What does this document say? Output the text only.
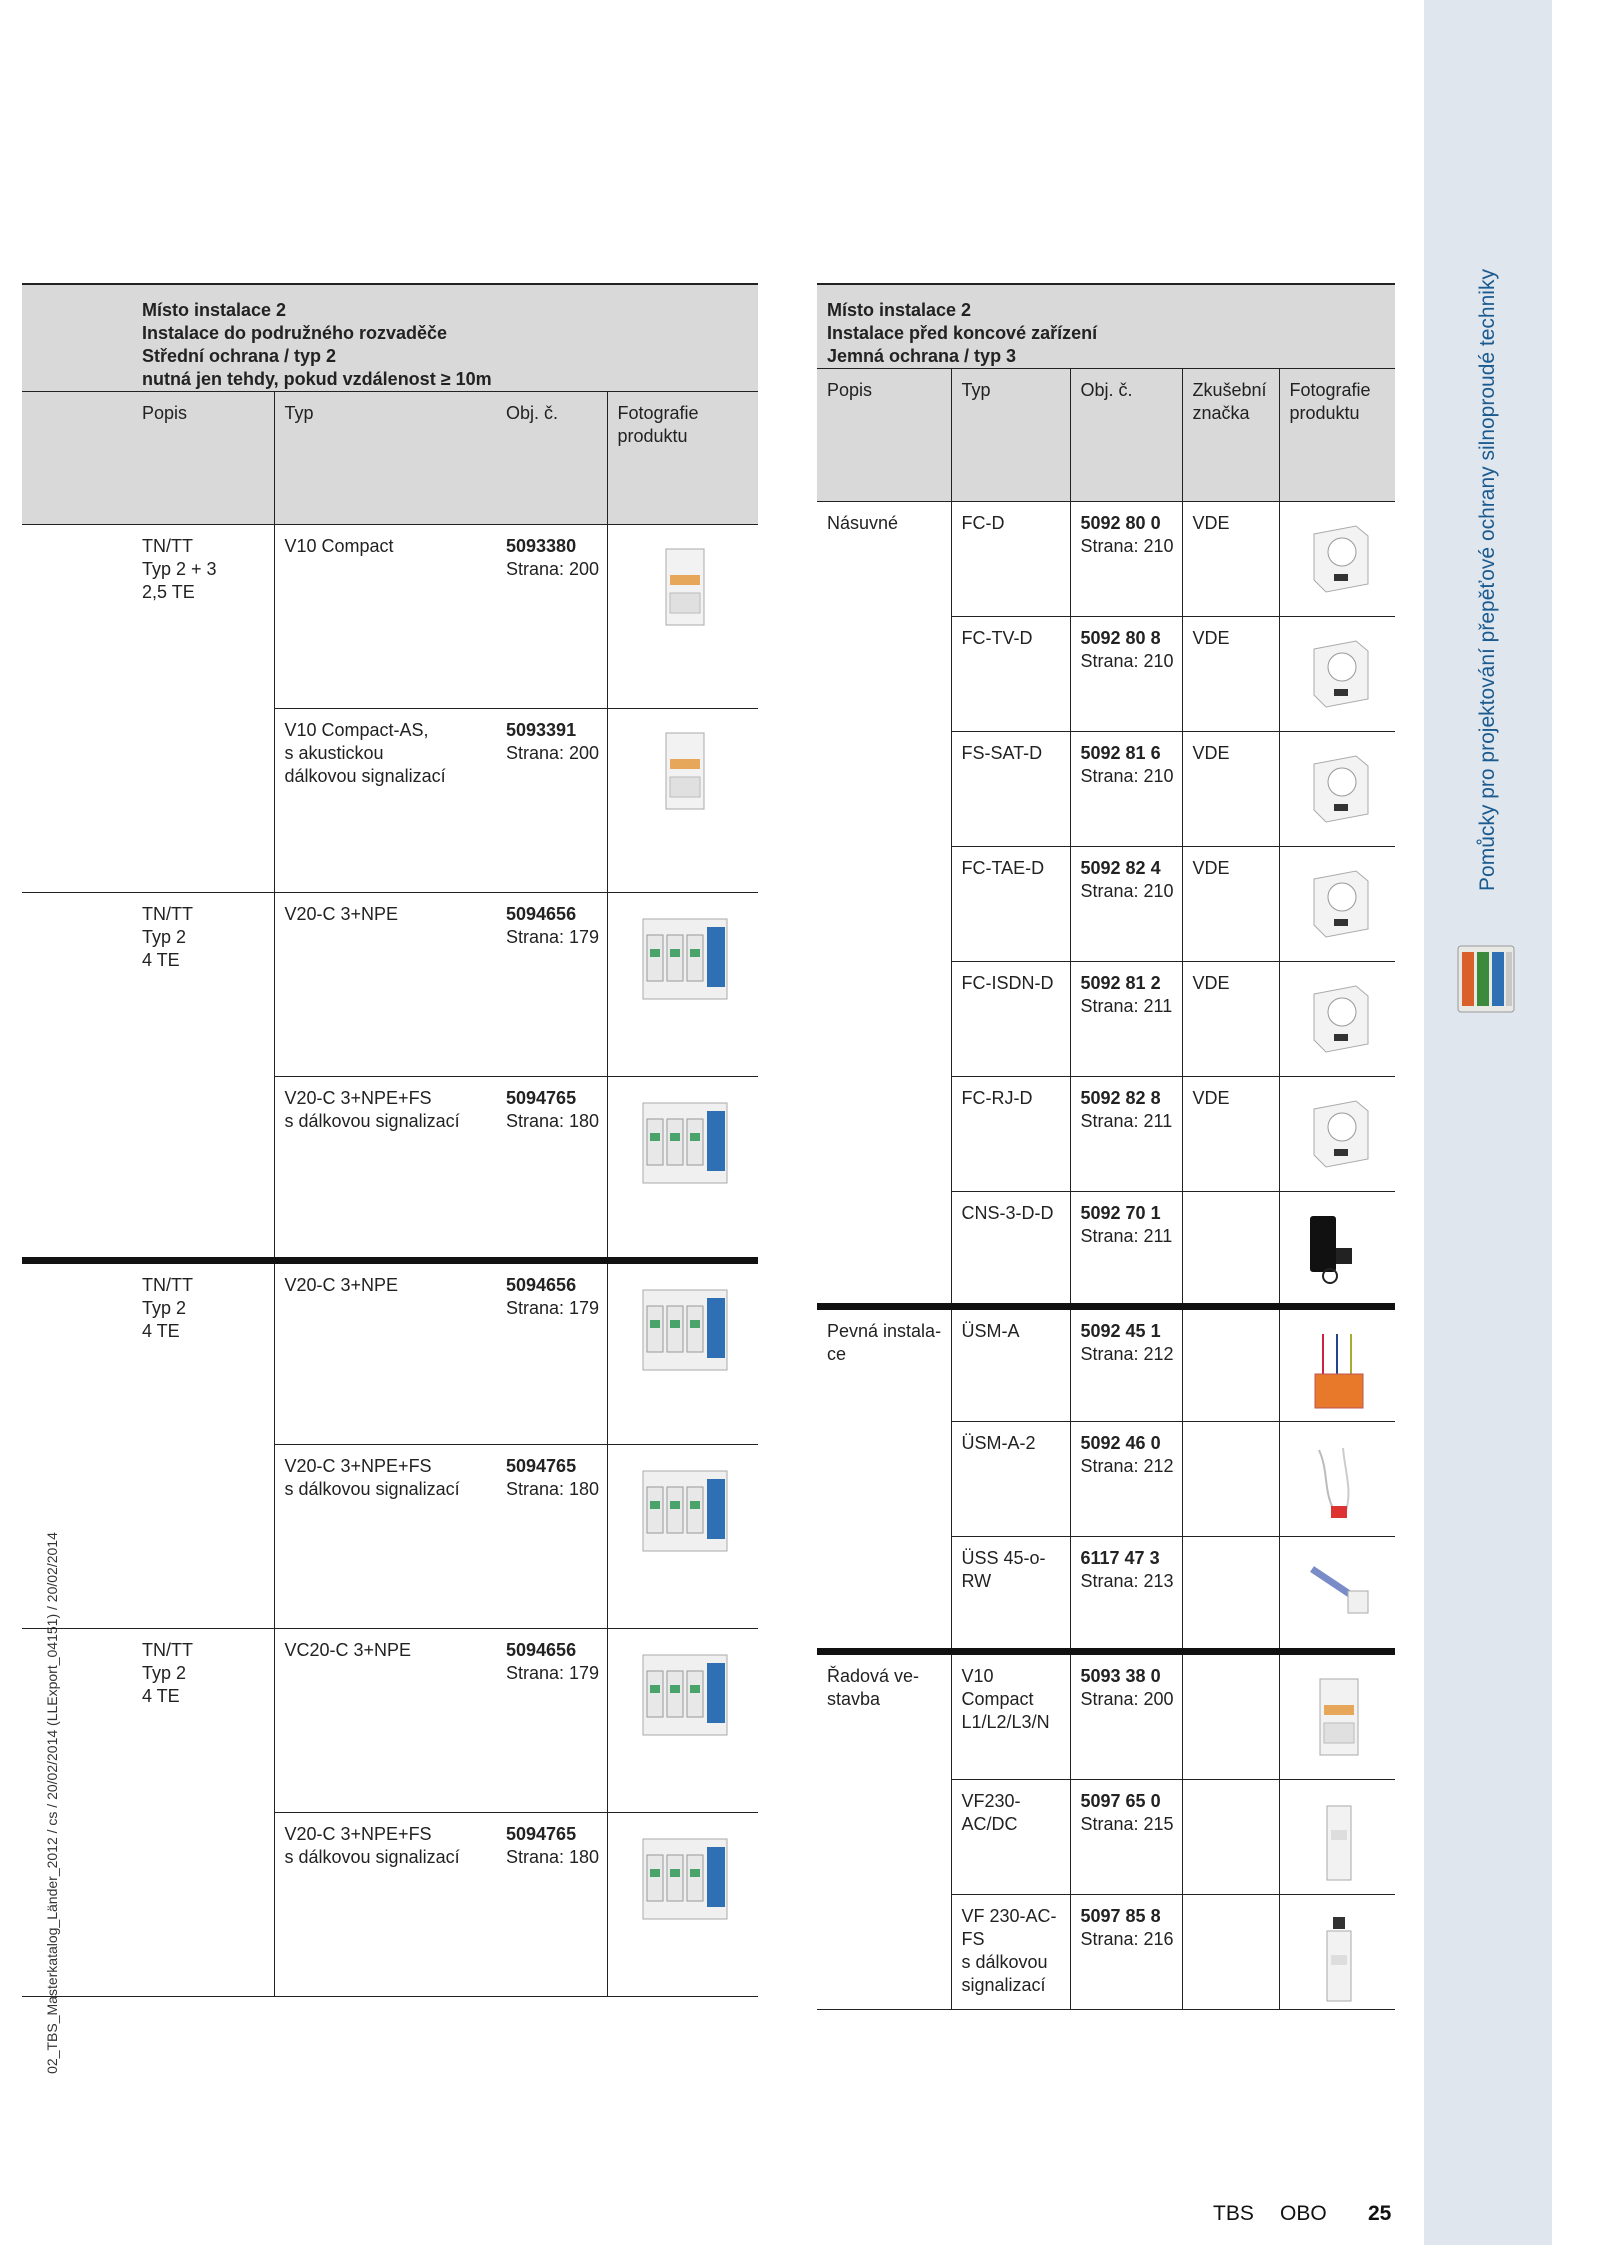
Pomůcky pro projektování přepěťové ochrany silnoproudé techniky
02_TBS_Masterkatalog_Länder_2012 / cs / 20/02/2014 (LLExport_04151) / 20/02/2014

	Místo instalace 2
Instalace do podružného rozvaděče
Střední ochrana / typ 2
nutná jen tehdy, pokud vzdálenost ≥ 10m			

	Popis	Typ	Obj. č.	Fotografie produktu

	TN/TT
Typ 2 + 3
2,5 TE	V10 Compact	5093380
Strana: 200

		V10 Compact-AS,
s akustickou
dálkovou signalizací	5093391
Strana: 200

	TN/TT
Typ 2
4 TE	V20-C 3+NPE	5094656
Strana: 179

		V20-C 3+NPE+FS
s dálkovou signalizací	5094765
Strana: 180

	TN/TT
Typ 2
4 TE	V20-C 3+NPE	5094656
Strana: 179

		V20-C 3+NPE+FS
s dálkovou signalizací	5094765
Strana: 180

	TN/TT
Typ 2
4 TE	VC20-C 3+NPE	5094656
Strana: 179

		V20-C 3+NPE+FS
s dálkovou signalizací	5094765
Strana: 180

Místo instalace 2
Instalace před koncové zařízení
Jemná ochrana / typ 3				

Popis	Typ	Obj. č.	Zkušební značka	Fotografie produktu

Násuvné	FC-D	5092 80 0
Strana: 210	VDE

	FC-TV-D	5092 80 8
Strana: 210	VDE

	FS-SAT-D	5092 81 6
Strana: 210	VDE

	FC-TAE-D	5092 82 4
Strana: 210	VDE

	FC-ISDN-D	5092 81 2
Strana: 211	VDE

	FC-RJ-D	5092 82 8
Strana: 211	VDE

	CNS-3-D-D	5092 70 1
Strana: 211

Pevná instala-
ce	ÜSM-A	5092 45 1
Strana: 212

	ÜSM-A-2	5092 46 0
Strana: 212

	ÜSS 45-o-
RW	6117 47 3
Strana: 213

Řadová ve-
stavba	V10
Compact
L1/L2/L3/N	5093 38 0
Strana: 200

	VF230-
AC/DC	5097 65 0
Strana: 215

	VF 230-AC-
FS
s dálkovou
signalizací	5097 85 8
Strana: 216

TBS OBO 25
